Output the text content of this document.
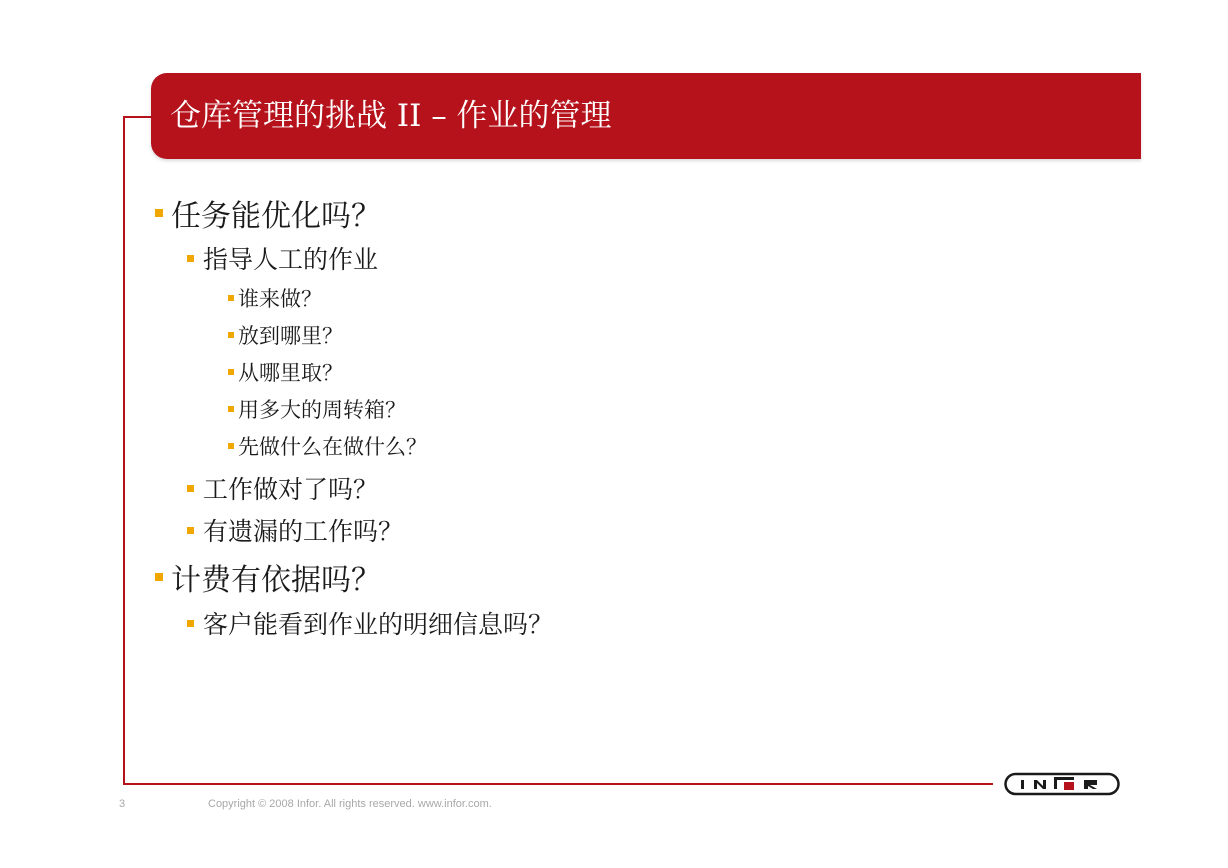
仓库管理的挑战 II – 作业的管理
任务能优化吗？
指导人工的作业
谁来做？
放到哪里？
从哪里取？
用多大的周转箱？
先做什么在做什么？
工作做对了吗？
有遗漏的工作吗？
计费有依据吗？
客户能看到作业的明细信息吗？
3	Copyright © 2008 Infor. All rights reserved. www.infor.com.
